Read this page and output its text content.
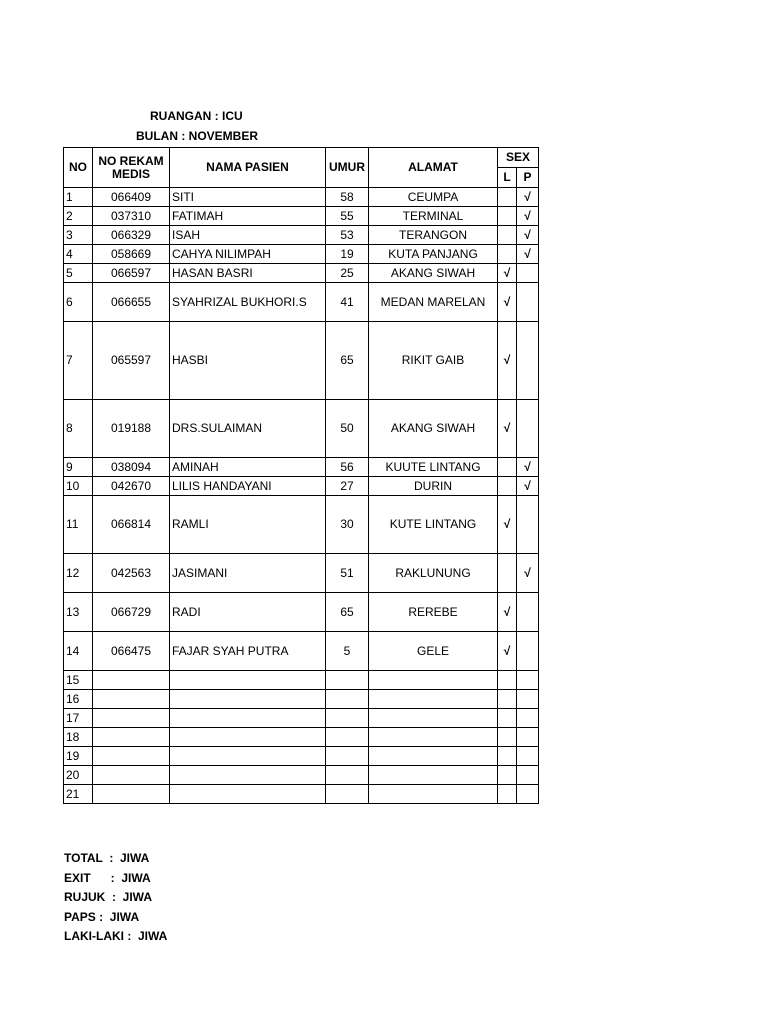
RUANGAN : ICU
BULAN : NOVEMBER
NO	NO REKAM MEDIS	NAMA PASIEN	UMUR	ALAMAT	SEX	
					L	P
1	066409	SITI	58	CEUMPA		√
2	037310	FATIMAH	55	TERMINAL		√
3	066329	ISAH	53	TERANGON		√
4	058669	CAHYA NILIMPAH	19	KUTA PANJANG		√
5	066597	HASAN BASRI	25	AKANG SIWAH	√	
6	066655	SYAHRIZAL BUKHORI.S	41	MEDAN MARELAN	√	
7	065597	HASBI	65	RIKIT GAIB	√	
8	019188	DRS.SULAIMAN	50	AKANG SIWAH	√	
9	038094	AMINAH	56	KUUTE LINTANG		√
10	042670	LILIS HANDAYANI	27	DURIN		√
11	066814	RAMLI	30	KUTE LINTANG	√	
12	042563	JASIMANI	51	RAKLUNUNG		√
13	066729	RADI	65	REREBE	√	
14	066475	FAJAR SYAH PUTRA	5	GELE	√	
15						
16						
17						
18						
19						
20						
21						
TOTAL  :  JIWA
EXIT      :  JIWA
RUJUK  :  JIWA
PAPS :  JIWA
LAKI-LAKI :  JIWA
